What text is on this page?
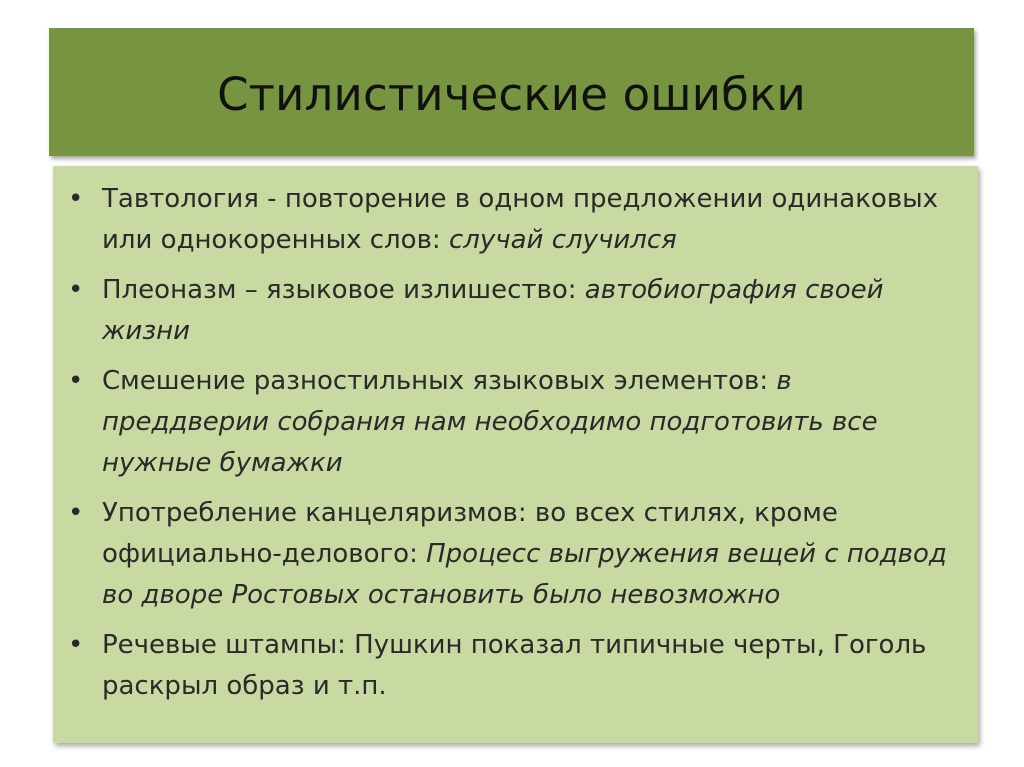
Стилистические ошибки
• Тавтология - повторение в одном предложении одинаковых или однокоренных слов: случай случился
• Плеоназм – языковое излишество: автобиография своей жизни
• Смешение разностильных языковых элементов: в преддверии собрания нам необходимо подготовить все нужные бумажки
• Употребление канцеляризмов: во всех стилях, кроме официально-делового: Процесс выгружения вещей с подвод во дворе Ростовых остановить было невозможно
• Речевые штампы: Пушкин показал типичные черты, Гоголь раскрыл образ и т.п.
